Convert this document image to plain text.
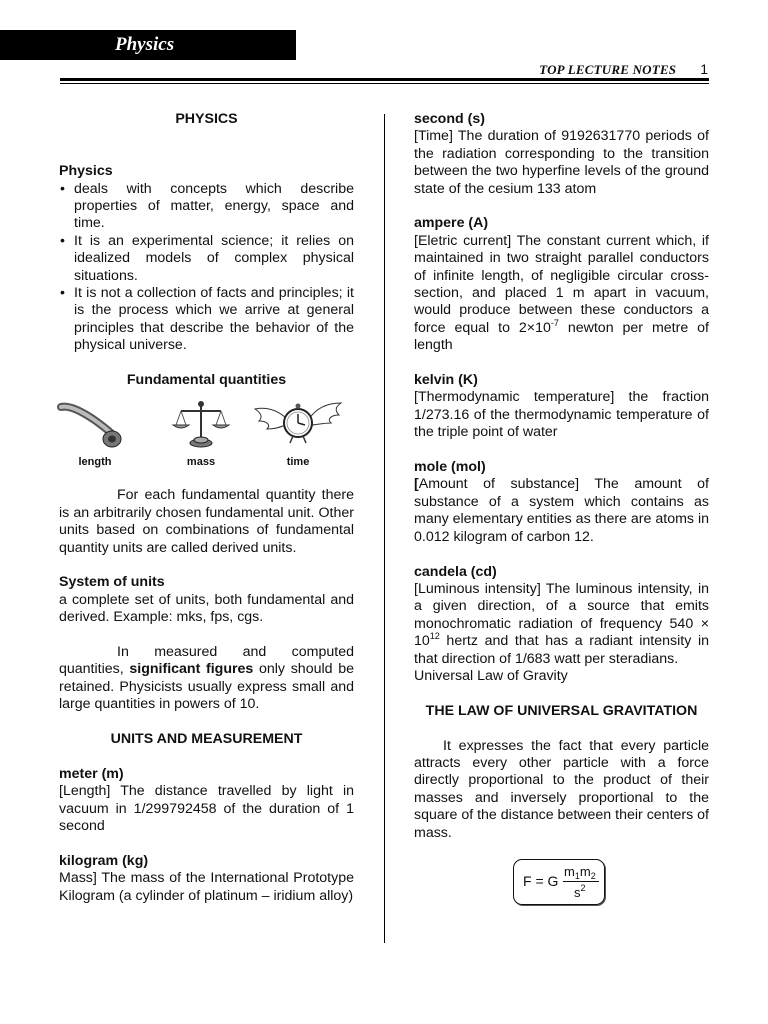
Physics
TOP LECTURE NOTES 1
PHYSICS
Physics
• deals with concepts which describe properties of matter, energy, space and time.
• It is an experimental science; it relies on idealized models of complex physical situations.
• It is not a collection of facts and principles; it is the process which we arrive at general principles that describe the behavior of the physical universe.
Fundamental quantities
length	mass	time

For each fundamental quantity there is an arbitrarily chosen fundamental unit. Other units based on combinations of fundamental quantity units are called derived units.

System of units

a complete set of units, both fundamental and derived. Example: mks, fps, cgs.

In measured and computed quantities, significant figures only should be retained. Physicists usually express small and large quantities in powers of 10.

UNITS AND MEASUREMENT
meter (m)

[Length] The distance travelled by light in vacuum in 1/299792458 of the duration of 1 second

kilogram (kg)

Mass] The mass of the International Prototype Kilogram (a cylinder of platinum – iridium alloy)

second (s)

[Time] The duration of 9192631770 periods of the radiation corresponding to the transition between the two hyperfine levels of the ground state of the cesium 133 atom

ampere (A)

[Eletric current] The constant current which, if maintained in two straight parallel conductors of infinite length, of negligible circular cross-section, and placed 1 m apart in vacuum, would produce between these conductors a force equal to $2\times 10^{-7}$ newton per metre of length

kelvin (K)

[Thermodynamic temperature] the fraction 1/273.16 of the thermodynamic temperature of the triple point of water

mole (mol)

[Amount of substance] The amount of substance of a system which contains as many elementary entities as there are atoms in 0.012 kilogram of carbon 12.

candela (cd)

[Luminous intensity] The luminous intensity, in a given direction, of a source that emits monochromatic radiation of frequency $540 \times 10^{12}$ hertz and that has a radiant intensity in that direction of 1/683 watt per steradians.

Universal Law of Gravity

THE LAW OF UNIVERSAL GRAVITATION

It expresses the fact that every particle attracts every other particle with a force directly proportional to the product of their masses and inversely proportional to the square of the distance between their centers of mass.

F = G
$m_1m_2$
$s^2$
